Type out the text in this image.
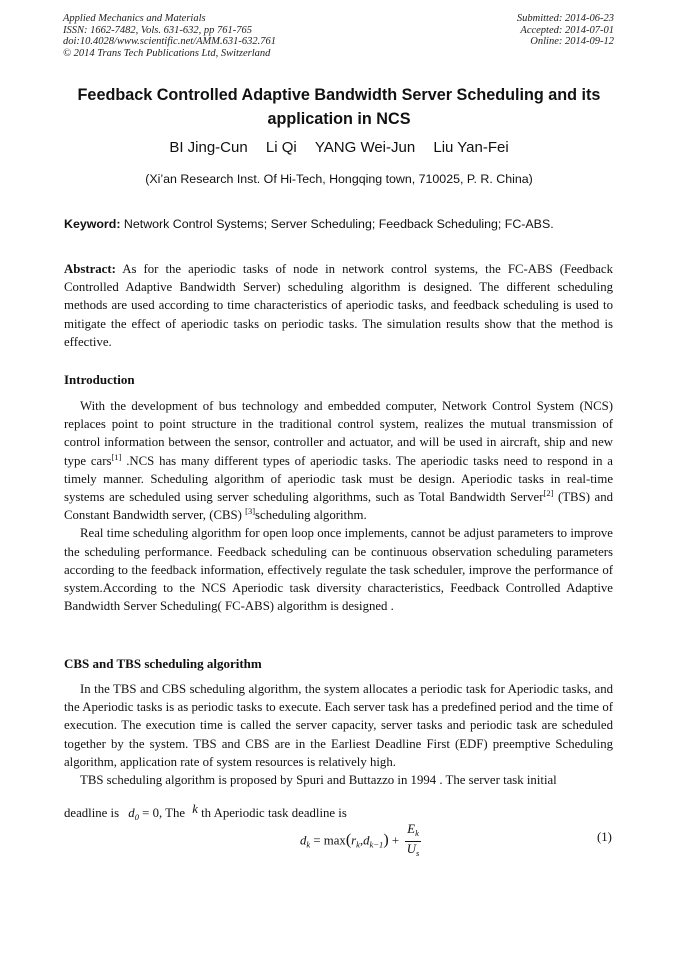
Applied Mechanics and Materials
ISSN: 1662-7482, Vols. 631-632, pp 761-765
doi:10.4028/www.scientific.net/AMM.631-632.761
© 2014 Trans Tech Publications Ltd, Switzerland
Submitted: 2014-06-23
Accepted: 2014-07-01
Online: 2014-09-12
Feedback Controlled Adaptive Bandwidth Server Scheduling and its
application in NCS
BI Jing-Cun Li Qi YANG Wei-Jun Liu Yan-Fei
(Xi’an Research Inst. Of Hi-Tech, Hongqing town, 710025, P. R. China)
Keyword: Network Control Systems; Server Scheduling; Feedback Scheduling; FC-ABS.

Abstract: As for the aperiodic tasks of node in network control systems, the FC-ABS (Feedback Controlled Adaptive Bandwidth Server) scheduling algorithm is designed. The different scheduling methods are used according to time characteristics of aperiodic tasks, and feedback scheduling is used to mitigate the effect of aperiodic tasks on periodic tasks. The simulation results show that the method is effective.

Introduction

With the development of bus technology and embedded computer, Network Control System (NCS) replaces point to point structure in the traditional control system, realizes the mutual transmission of control information between the sensor, controller and actuator, and will be used in aircraft, ship and new type cars[1] .NCS has many different types of aperiodic tasks. The aperiodic tasks need to respond in a timely manner. Scheduling algorithm of aperiodic task must be design. Aperiodic tasks in real-time systems are scheduled using server scheduling algorithms, such as Total Bandwidth Server[2] (TBS) and Constant Bandwidth server, (CBS) [3]scheduling algorithm.

Real time scheduling algorithm for open loop once implements, cannot be adjust parameters to improve the scheduling performance. Feedback scheduling can be continuous observation scheduling parameters according to the feedback information, effectively regulate the task scheduler, improve the performance of system.According to the NCS Aperiodic task diversity characteristics, Feedback Controlled Adaptive Bandwidth Server Scheduling( FC-ABS) algorithm is designed .

CBS and TBS scheduling algorithm

In the TBS and CBS scheduling algorithm, the system allocates a periodic task for Aperiodic tasks, and the Aperiodic tasks is as periodic tasks to execute. Each server task has a predefined period and the time of execution. The execution time is called the server capacity, server tasks and periodic task are scheduled together by the system. TBS and CBS are in the Earliest Deadline First (EDF) preemptive Scheduling algorithm, application rate of system resources is relatively high.

TBS scheduling algorithm is proposed by Spuri and Buttazzo in 1994 . The server task initial

deadline is $d_0 = 0$, The k th Aperiodic task deadline is
$d_k = \max(r_k,d_{k-1}) + \frac{E_k}{U_s}$	(1)
